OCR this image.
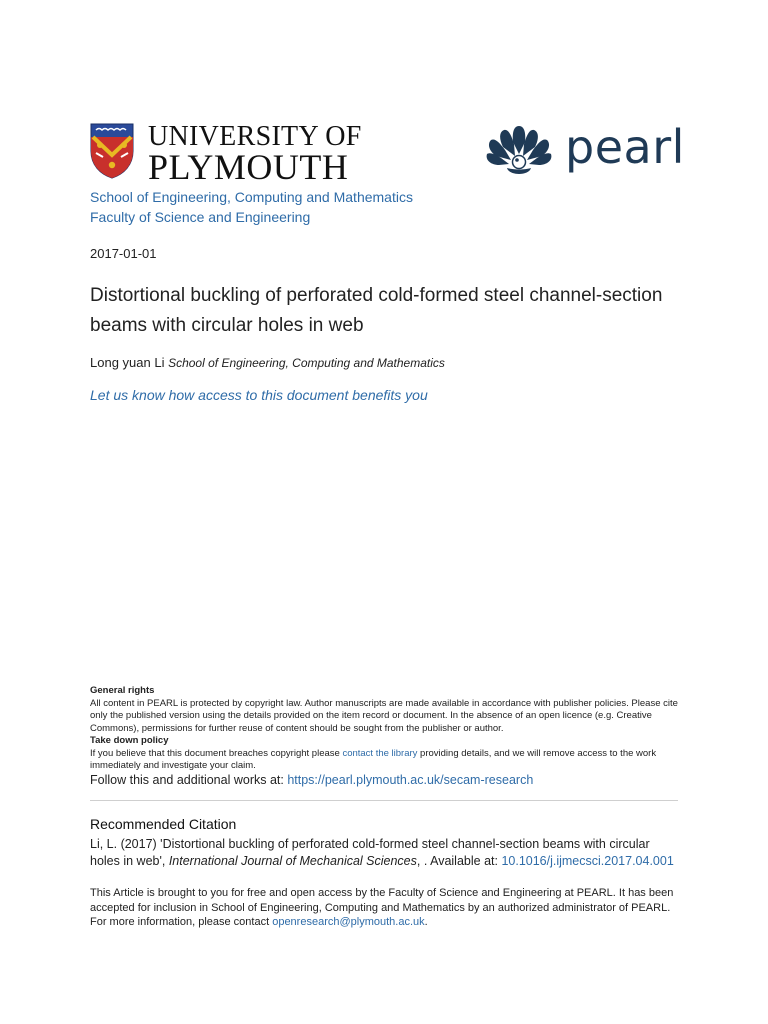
UNIVERSITY OF
PLYMOUTH	pearl
School of Engineering, Computing and Mathematics
Faculty of Science and Engineering
2017-01-01
Distortional buckling of perforated cold-formed steel channel-section beams with circular holes in web
Long yuan Li School of Engineering, Computing and Mathematics
Let us know how access to this document benefits you
General rights
All content in PEARL is protected by copyright law. Author manuscripts are made available in accordance with publisher policies. Please cite only the published version using the details provided on the item record or document. In the absence of an open licence (e.g. Creative Commons), permissions for further reuse of content should be sought from the publisher or author.
Take down policy
If you believe that this document breaches copyright please contact the library providing details, and we will remove access to the work immediately and investigate your claim.
Follow this and additional works at: https://pearl.plymouth.ac.uk/secam-research
Recommended Citation
Li, L. (2017) 'Distortional buckling of perforated cold-formed steel channel-section beams with circular holes in web', International Journal of Mechanical Sciences, . Available at: 10.1016/j.ijmecsci.2017.04.001
This Article is brought to you for free and open access by the Faculty of Science and Engineering at PEARL. It has been accepted for inclusion in School of Engineering, Computing and Mathematics by an authorized administrator of PEARL. For more information, please contact openresearch@plymouth.ac.uk.
